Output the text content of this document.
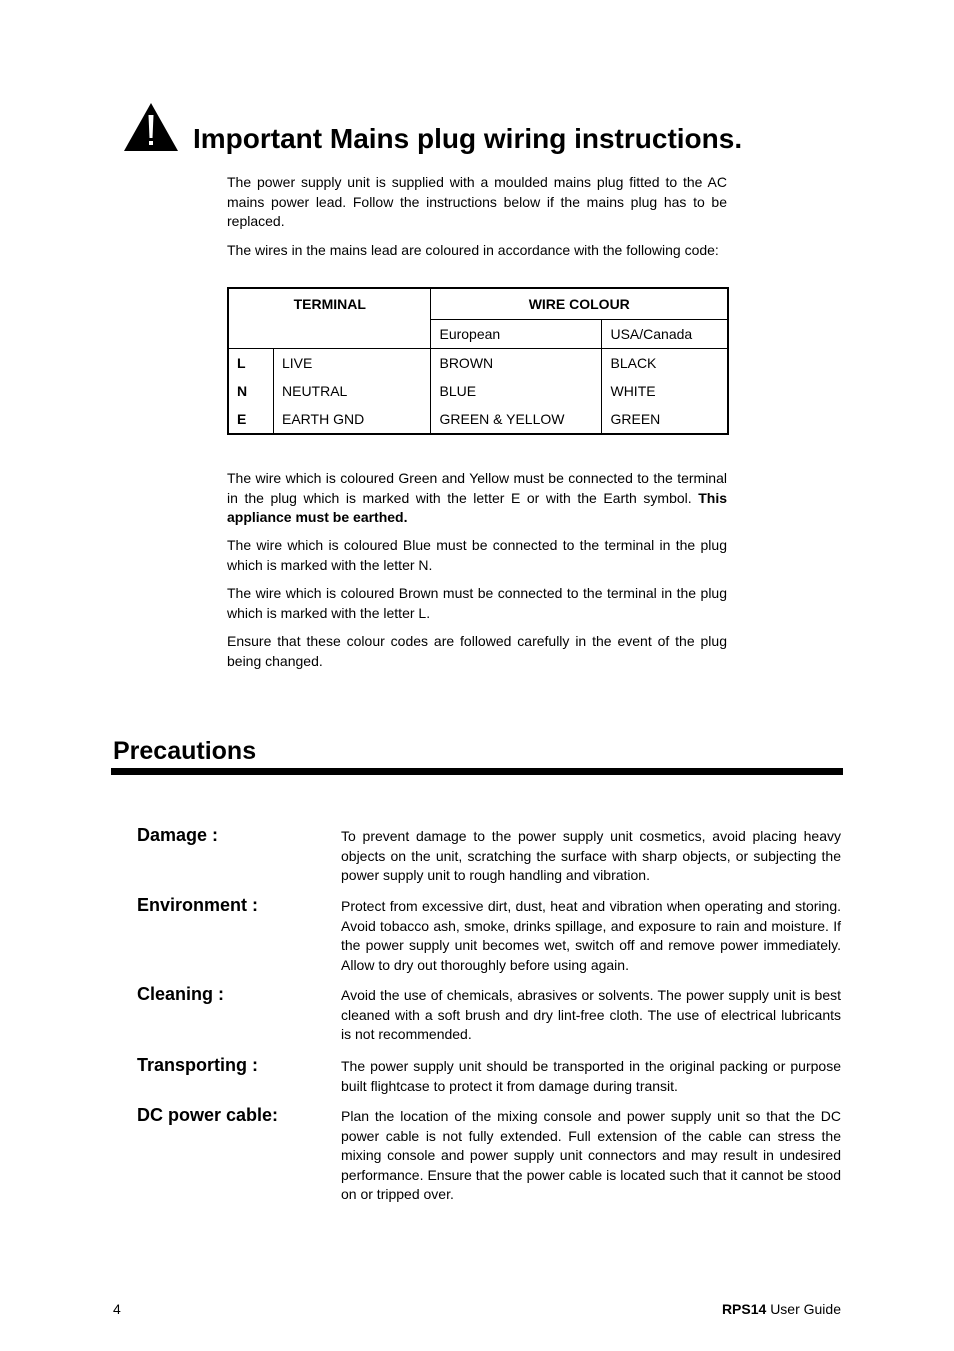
Important Mains plug wiring instructions.

The power supply unit is supplied with a moulded mains plug fitted to the AC mains power lead. Follow the instructions below if the mains plug has to be replaced.

The wires in the mains lead are coloured in accordance with the following code:

TERMINAL		WIRE COLOUR	
		European	USA/Canada
L	LIVE	BROWN	BLACK
N	NEUTRAL	BLUE	WHITE
E	EARTH GND	GREEN & YELLOW	GREEN

The wire which is coloured Green and Yellow must be connected to the terminal in the plug which is marked with the letter E or with the Earth symbol. This appliance must be earthed.

The wire which is coloured Blue must be connected to the terminal in the plug which is marked with the letter N.

The wire which is coloured Brown must be connected to the terminal in the plug which is marked with the letter L.

Ensure that these colour codes are followed carefully in the event of the plug being changed.

Precautions
Damage :	To prevent damage to the power supply unit cosmetics, avoid placing heavy objects on the unit, scratching the surface with sharp objects, or subjecting the power supply unit to rough handling and vibration.

Environment :	Protect from excessive dirt, dust, heat and vibration when operating and storing. Avoid tobacco ash, smoke, drinks spillage, and exposure to rain and moisture. If the power supply unit becomes wet, switch off and remove power immediately. Allow to dry out thoroughly before using again.

Cleaning :	Avoid the use of chemicals, abrasives or solvents. The power supply unit is best cleaned with a soft brush and dry lint-free cloth. The use of electrical lubricants is not recommended.

Transporting :	The power supply unit should be transported in the original packing or purpose built flightcase to protect it from damage during transit.

DC power cable:	Plan the location of the mixing console and power supply unit so that the DC power cable is not fully extended. Full extension of the cable can stress the mixing console and power supply unit connectors and may result in undesired performance. Ensure that the power cable is located such that it cannot be stood on or tripped over.

4	RPS14 User Guide
